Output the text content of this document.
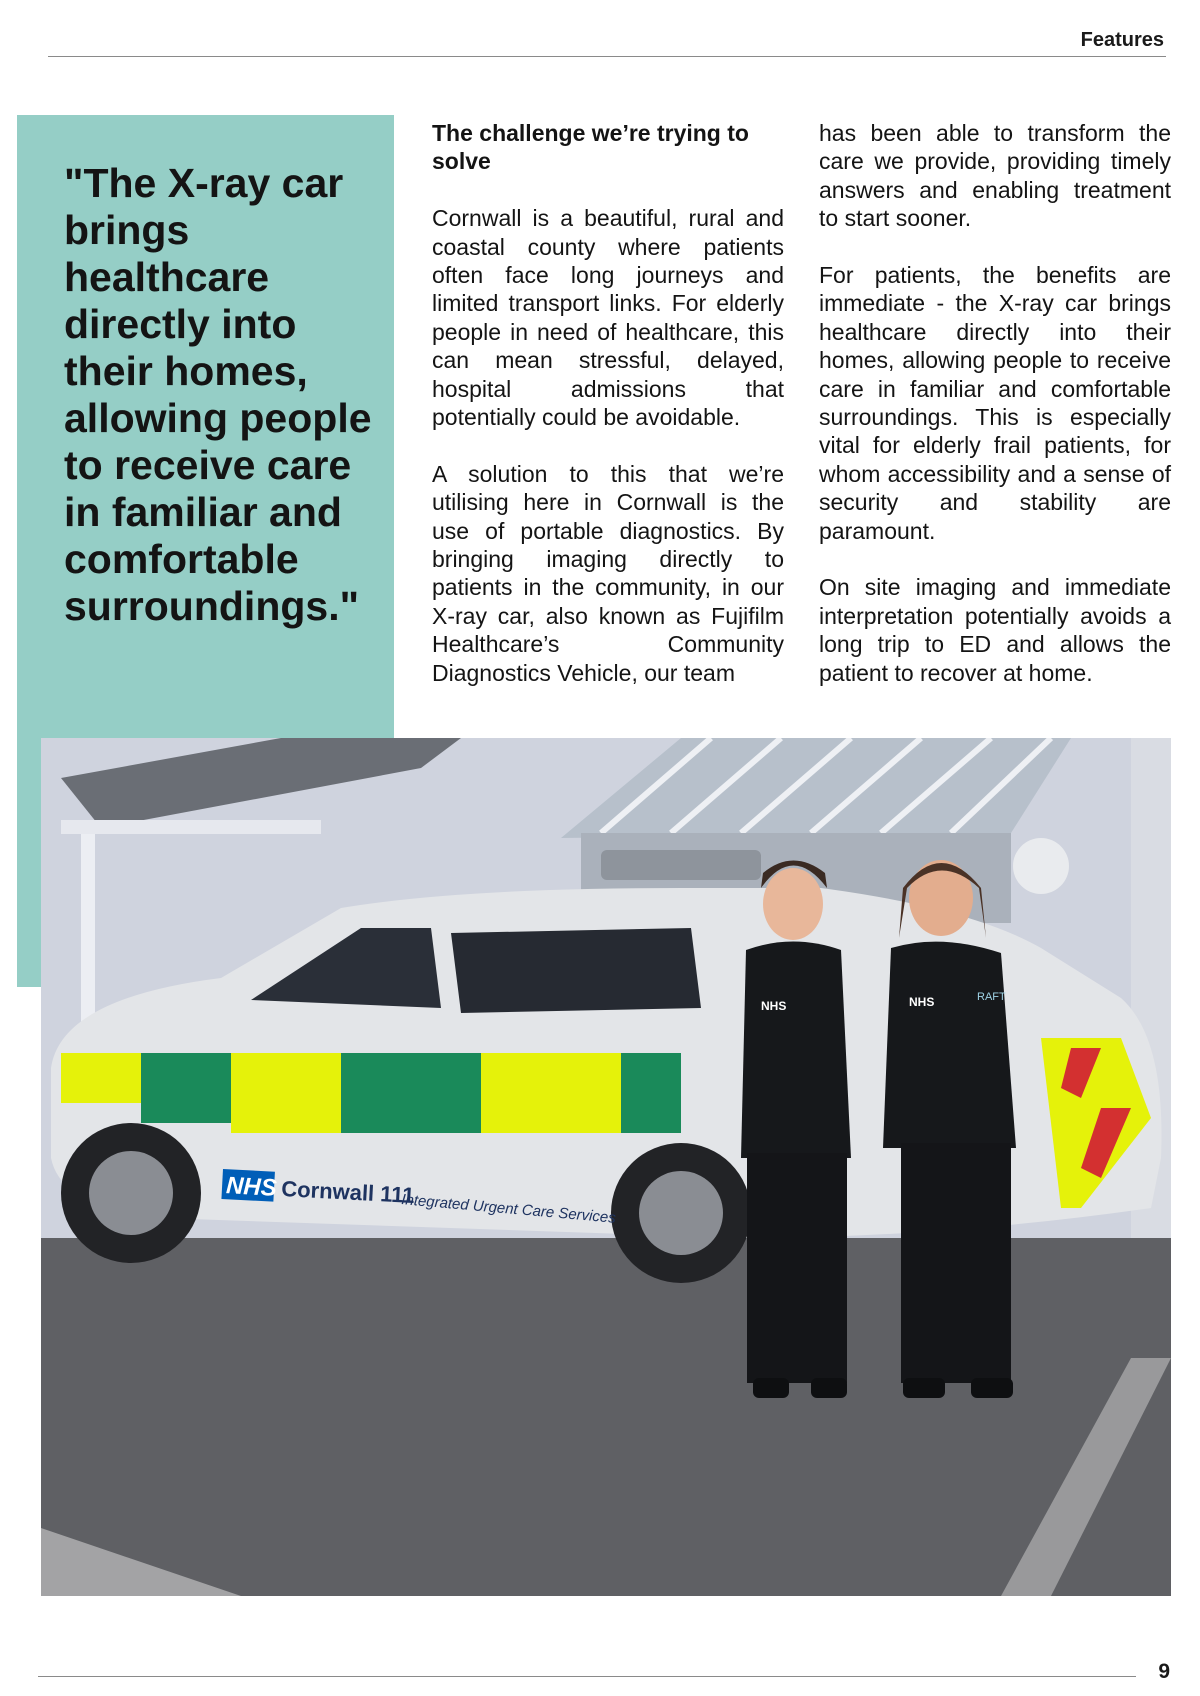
Features
"The X-ray car brings healthcare directly into their homes, allowing people to receive care in familiar and comfortable surroundings."
The challenge we’re trying to solve

Cornwall is a beautiful, rural and coastal county where patients often face long journeys and limited transport links. For elderly people in need of healthcare, this can mean stressful, delayed, hospital admissions that potentially could be avoidable.

A solution to this that we’re utilising here in Cornwall is the use of portable diagnostics. By bringing imaging directly to patients in the community, in our X-ray car, also known as Fujifilm Healthcare’s Community Diagnostics Vehicle, our team

has been able to transform the care we provide, providing timely answers and enabling treatment to start sooner.

For patients, the benefits are immediate - the X-ray car brings healthcare directly into their homes, allowing people to receive care in familiar and comfortable surroundings. This is especially vital for elderly frail patients, for whom accessibility and a sense of security and stability are paramount.

On site imaging and immediate interpretation potentially avoids a long trip to ED and allows the patient to recover at home.

NHS Cornwall 111
Integrated Urgent Care Services
NHS	NHS	RAFT
9
